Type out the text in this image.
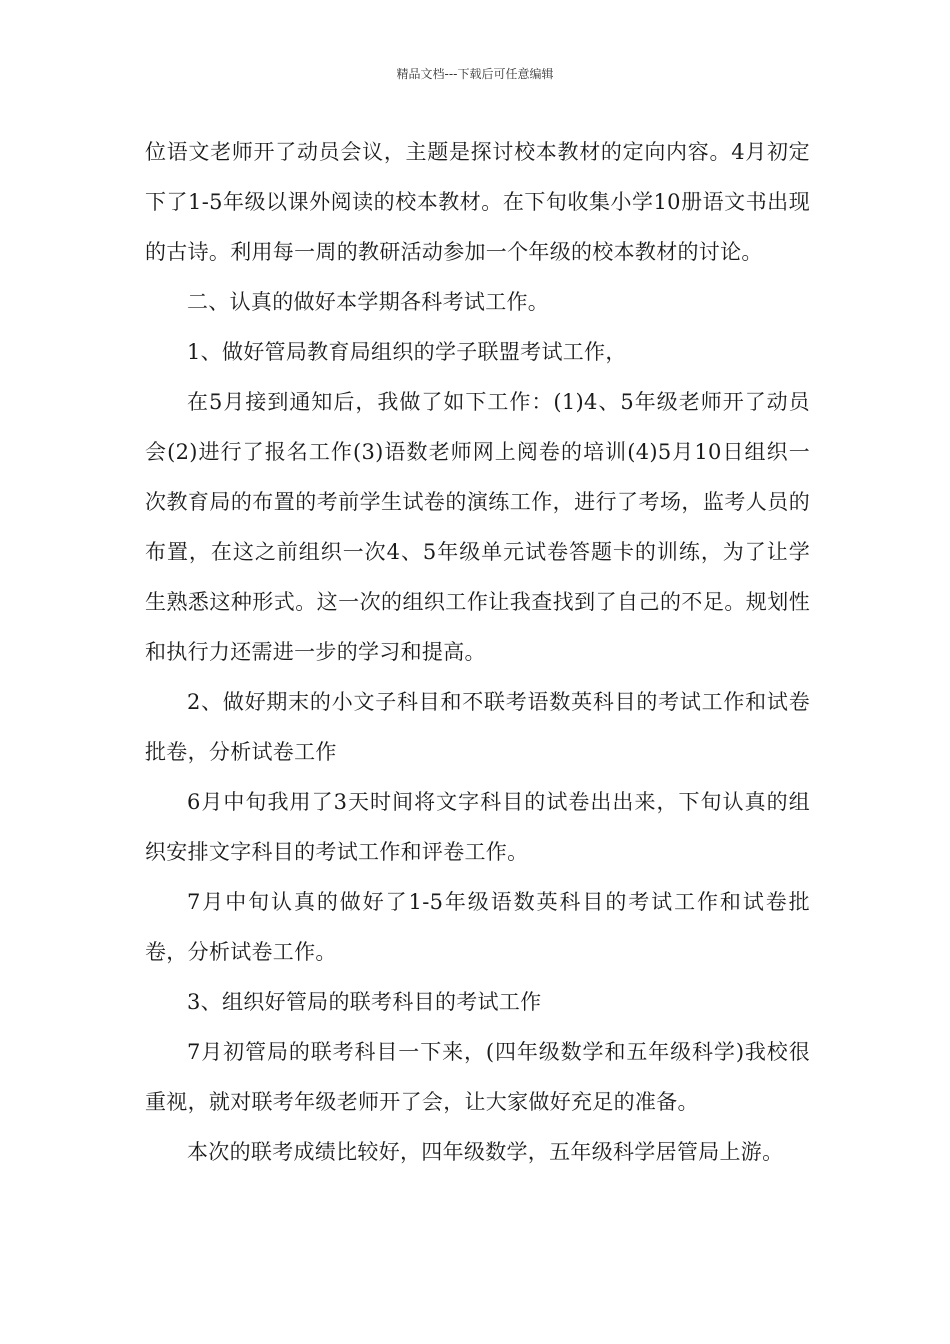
精品文档---下载后可任意编辑

位语文老师开了动员会议，主题是探讨校本教材的定向内容。4月初定下了1-5年级以课外阅读的校本教材。在下旬收集小学10册语文书出现的古诗。利用每一周的教研活动参加一个年级的校本教材的讨论。

二、认真的做好本学期各科考试工作。

1、做好管局教育局组织的学子联盟考试工作，

在5月接到通知后，我做了如下工作：(1)4、5年级老师开了动员会(2)进行了报名工作(3)语数老师网上阅卷的培训(4)5月10日组织一次教育局的布置的考前学生试卷的演练工作，进行了考场，监考人员的布置，在这之前组织一次4、5年级单元试卷答题卡的训练，为了让学生熟悉这种形式。这一次的组织工作让我查找到了自己的不足。规划性和执行力还需进一步的学习和提高。

2、做好期末的小文子科目和不联考语数英科目的考试工作和试卷批卷，分析试卷工作

6月中旬我用了3天时间将文字科目的试卷出出来，下旬认真的组织安排文字科目的考试工作和评卷工作。

7月中旬认真的做好了1-5年级语数英科目的考试工作和试卷批卷，分析试卷工作。

3、组织好管局的联考科目的考试工作

7月初管局的联考科目一下来，(四年级数学和五年级科学)我校很重视，就对联考年级老师开了会，让大家做好充足的准备。

本次的联考成绩比较好，四年级数学，五年级科学居管局上游。
